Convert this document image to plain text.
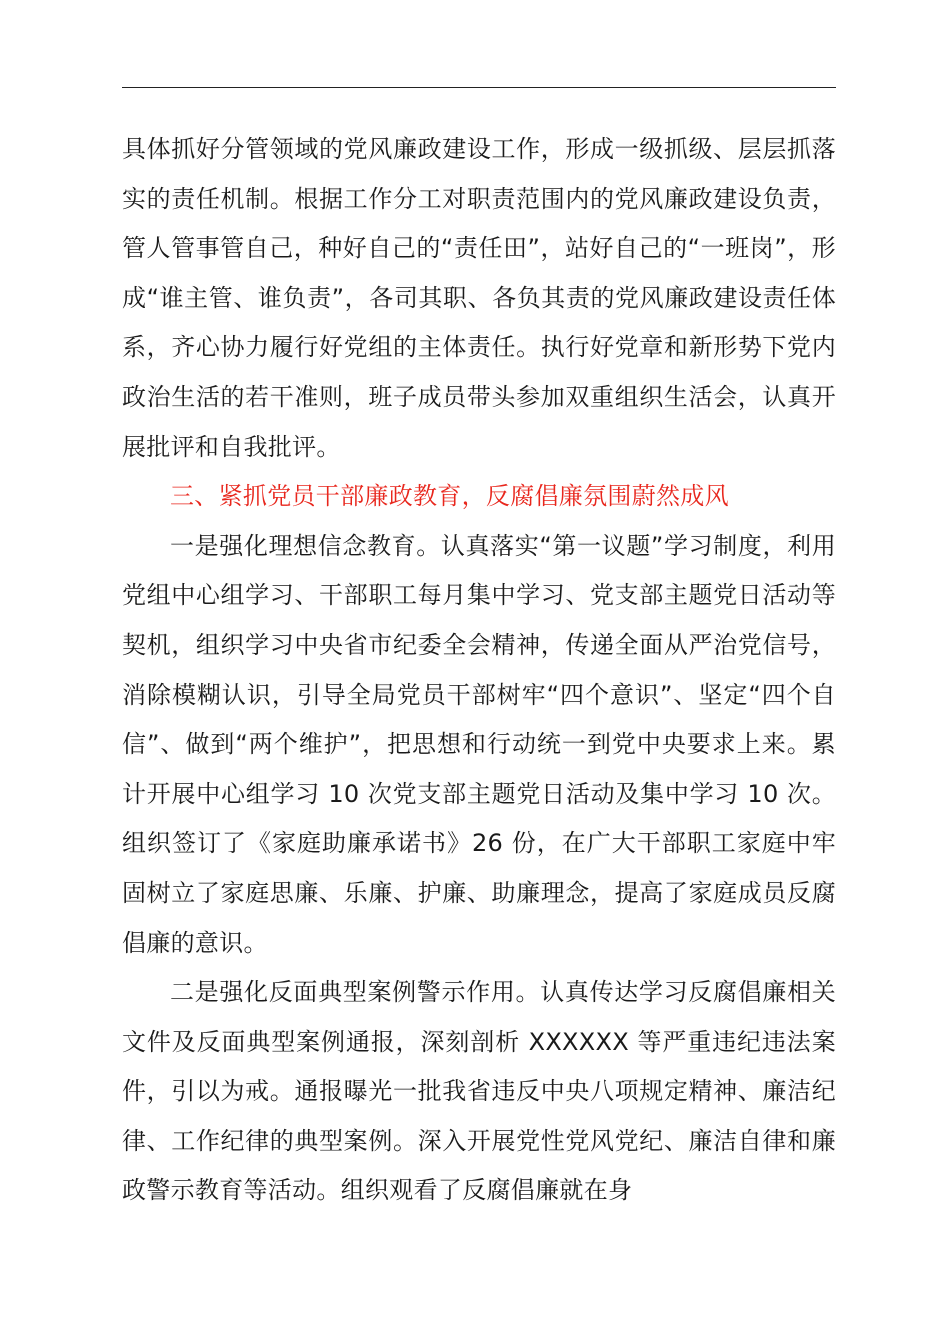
具体抓好分管领域的党风廉政建设工作，形成一级抓级、层层抓落实的责任机制。根据工作分工对职责范围内的党风廉政建设负责，管人管事管自己，种好自己的“责任田”，站好自己的“一班岗”，形成“谁主管、谁负责”，各司其职、各负其责的党风廉政建设责任体系，齐心协力履行好党组的主体责任。执行好党章和新形势下党内政治生活的若干准则，班子成员带头参加双重组织生活会，认真开展批评和自我批评。

三、紧抓党员干部廉政教育，反腐倡廉氛围蔚然成风

一是强化理想信念教育。认真落实“第一议题”学习制度，利用党组中心组学习、干部职工每月集中学习、党支部主题党日活动等契机，组织学习中央省市纪委全会精神，传递全面从严治党信号，消除模糊认识，引导全局党员干部树牢“四个意识”、坚定“四个自信”、做到“两个维护”，把思想和行动统一到党中央要求上来。累计开展中心组学习 10 次党支部主题党日活动及集中学习 10 次。组织签订了《家庭助廉承诺书》26 份，在广大干部职工家庭中牢固树立了家庭思廉、乐廉、护廉、助廉理念，提高了家庭成员反腐倡廉的意识。

二是强化反面典型案例警示作用。认真传达学习反腐倡廉相关文件及反面典型案例通报，深刻剖析 XXXXXX 等严重违纪违法案件，引以为戒。通报曝光一批我省违反中央八项规定精神、廉洁纪律、工作纪律的典型案例。深入开展党性党风党纪、廉洁自律和廉政警示教育等活动。组织观看了反腐倡廉就在身
